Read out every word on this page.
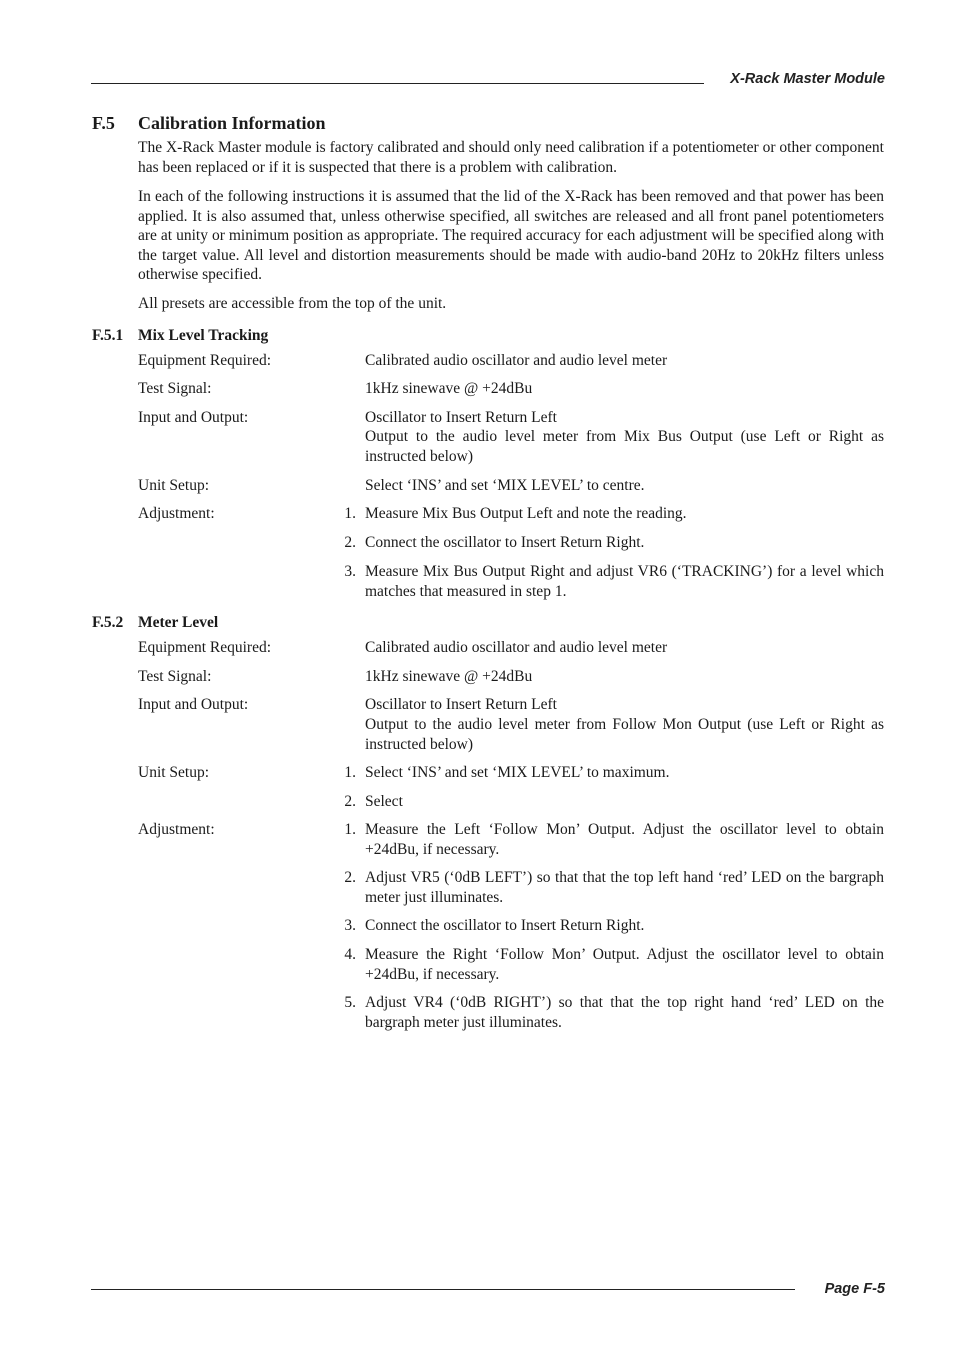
X-Rack Master Module
F.5 Calibration Information

The X-Rack Master module is factory calibrated and should only need calibration if a potentiometer or other component has been replaced or if it is suspected that there is a problem with calibration.

In each of the following instructions it is assumed that the lid of the X-Rack has been removed and that power has been applied. It is also assumed that, unless otherwise specified, all switches are released and all front panel potentiometers are at unity or minimum position as appropriate. The required accuracy for each adjustment will be specified along with the target value. All level and distortion measurements should be made with audio-band 20Hz to 20kHz filters unless otherwise specified.

All presets are accessible from the top of the unit.

F.5.1 Mix Level Tracking
Equipment Required:	Calibrated audio oscillator and audio level meter
Test Signal:	1kHz sinewave @ +24dBu
Input and Output:	Oscillator to Insert Return Left
Output to the audio level meter from Mix Bus Output (use Left or Right as instructed below)
Unit Setup:	Select ‘INS’ and set ‘MIX LEVEL’ to centre.
Adjustment:	1. Measure Mix Bus Output Left and note the reading.
2. Connect the oscillator to Insert Return Right.
3. Measure Mix Bus Output Right and adjust VR6 (‘TRACKING’) for a level which matches that measured in step 1.
F.5.2 Meter Level
Equipment Required:	Calibrated audio oscillator and audio level meter
Test Signal:	1kHz sinewave @ +24dBu
Input and Output:	Oscillator to Insert Return Left
Output to the audio level meter from Follow Mon Output (use Left or Right as instructed below)
Unit Setup:	1. Select ‘INS’ and set ‘MIX LEVEL’ to maximum.
2. Select
Adjustment:	1. Measure the Left ‘Follow Mon’ Output. Adjust the oscillator level to obtain +24dBu, if necessary.
2. Adjust VR5 (‘0dB LEFT’) so that that the top left hand ‘red’ LED on the bargraph meter just illuminates.
3. Connect the oscillator to Insert Return Right.
4. Measure the Right ‘Follow Mon’ Output. Adjust the oscillator level to obtain +24dBu, if necessary.
5. Adjust VR4 (‘0dB RIGHT’) so that that the top right hand ‘red’ LED on the bargraph meter just illuminates.
Page F-5
